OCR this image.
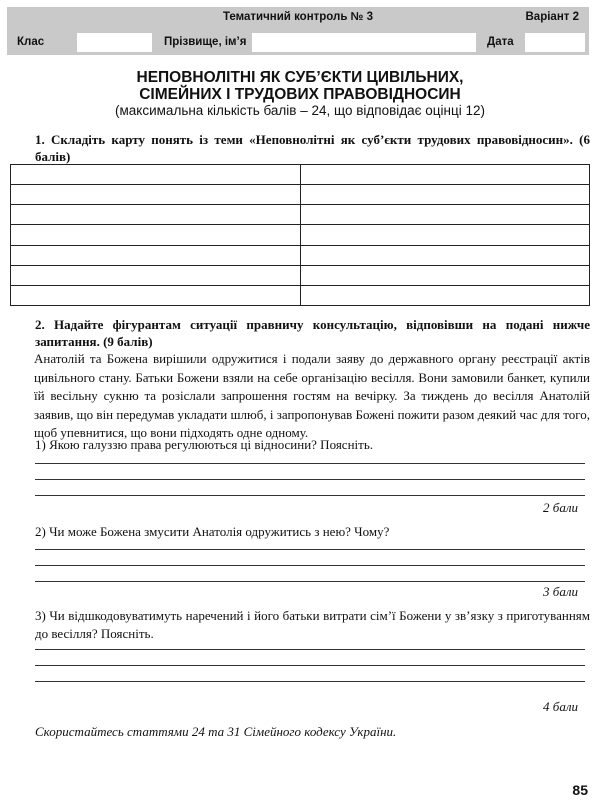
Тематичний контроль № 3	Варіант 2
Клас	Прізвище, ім’я	Дата
НЕПОВНОЛІТНІ ЯК СУБ’ЄКТИ ЦИВІЛЬНИХ,
СІМЕЙНИХ І ТРУДОВИХ ПРАВОВІДНОСИН
(максимальна кількість балів – 24, що відповідає оцінці 12)
1. Складіть карту понять із теми «Неповнолітні як суб’єкти трудових правовідносин». (6 балів)

2. Надайте фігурантам ситуації правничу консультацію, відповівши на подані нижче запитання. (9 балів)
Анатолій та Божена вирішили одружитися і подали заяву до державного органу реєстрації актів цивільного стану. Батьки Божени взяли на себе організацію весілля. Вони замовили банкет, купили їй весільну сукню та розіслали запрошення гостям на вечірку. За тиждень до весілля Анатолій заявив, що він передумав укладати шлюб, і запропонував Божені пожити разом деякий час для того, щоб упевнитися, що вони підходять одне одному.
1) Якою галуззю права регулюються ці відносини? Поясніть.
2 бали
2) Чи може Божена змусити Анатолія одружитись з нею? Чому?
3 бали
3) Чи відшкодовуватимуть наречений і його батьки витрати сім’ї Божени у зв’язку з приготуванням до весілля? Поясніть.
4 бали
Скористайтесь статтями 24 та 31 Сімейного кодексу України.
85
